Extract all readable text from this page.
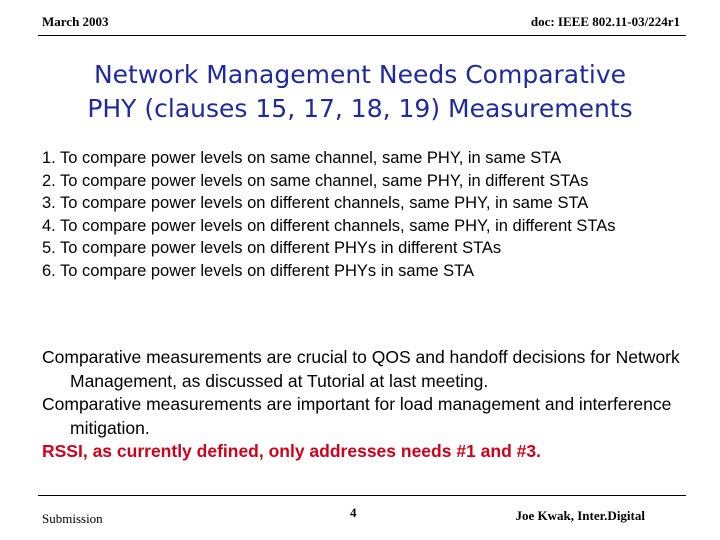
March 2003	doc: IEEE 802.11-03/224r1
Network Management Needs Comparative
PHY (clauses 15, 17, 18, 19) Measurements
1. To compare power levels on same channel, same PHY, in same STA
2. To compare power levels on same channel, same PHY, in different STAs
3. To compare power levels on different channels, same PHY, in same STA
4. To compare power levels on different channels, same PHY, in different STAs
5. To compare power levels on different PHYs in different STAs
6. To compare power levels on different PHYs in same STA

Comparative measurements are crucial to QOS and handoff decisions for Network Management, as discussed at Tutorial at last meeting.

Comparative measurements are important for load management and interference mitigation.

RSSI, as currently defined, only addresses needs #1 and #3.

Submission	4	Joe Kwak, Inter.Digital
